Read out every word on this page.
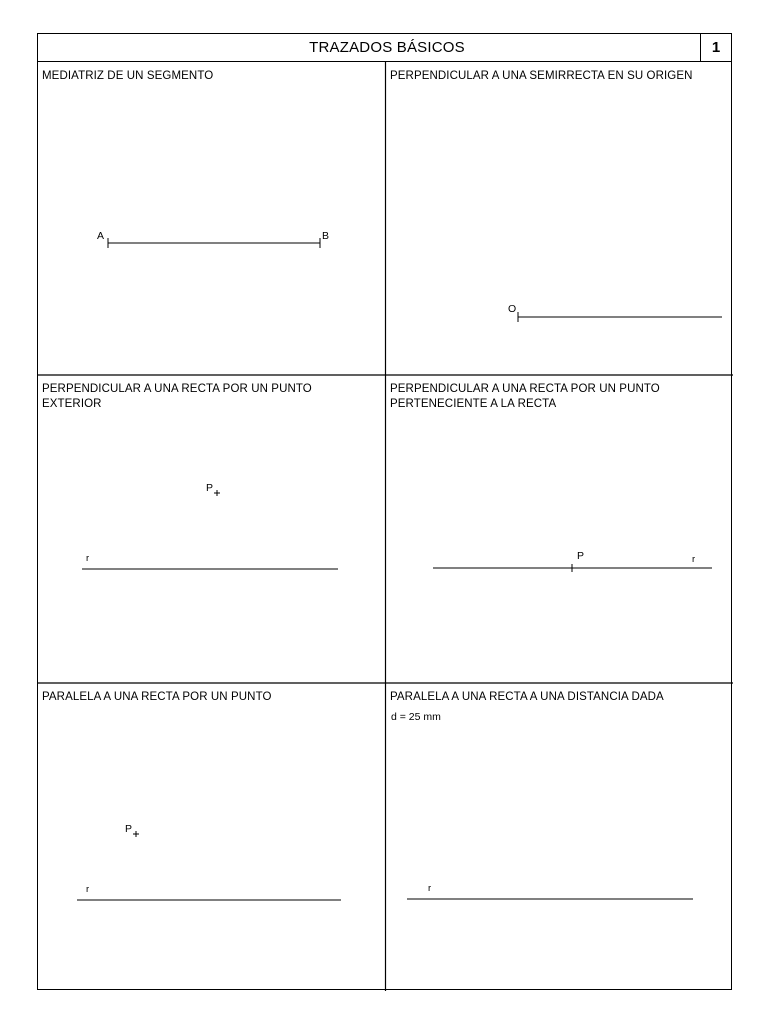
TRAZADOS BÁSICOS	1
MEDIATRIZ DE UN SEGMENTO
A	B
PERPENDICULAR A UNA SEMIRRECTA EN SU ORIGEN
O
PERPENDICULAR A UNA RECTA POR UN PUNTO EXTERIOR
P
r
PERPENDICULAR A UNA RECTA POR UN PUNTO PERTENECIENTE A LA RECTA
P	r
PARALELA A UNA RECTA POR UN PUNTO
P
r
PARALELA A UNA RECTA A UNA DISTANCIA DADA
d = 25 mm
r
